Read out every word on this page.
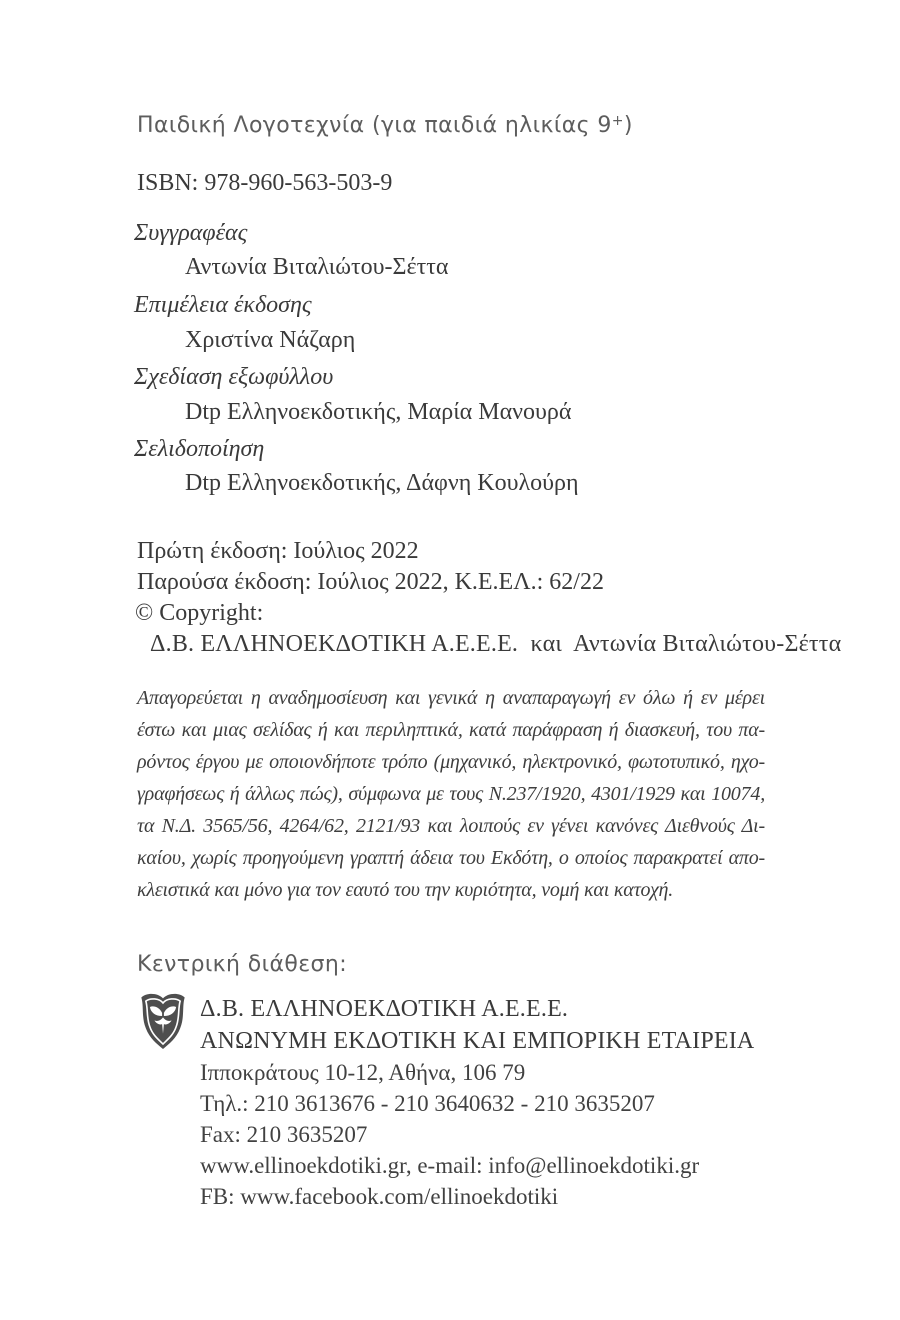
Παιδική Λογοτεχνία (για παιδιά ηλικίας 9+)
ISBN: 978-960-563-503-9
Συγγραφέας
Αντωνία Βιταλιώτου-Σέττα
Επιμέλεια έκδοσης
Χριστίνα Νάζαρη
Σχεδίαση εξωφύλλου
Dtp Ελληνοεκδοτικής, Μαρία Μανουρά
Σελιδοποίηση
Dtp Ελληνοεκδοτικής, Δάφνη Κουλούρη
Πρώτη έκδοση: Ιούλιος 2022
Παρούσα έκδοση: Ιούλιος 2022, Κ.Ε.ΕΛ.: 62/22
© Copyright:
Δ.Β. ΕΛΛΗΝΟΕΚΔΟΤΙΚΗ Α.Ε.Ε.Ε.  και  Αντωνία Βιταλιώτου-Σέττα
Απαγορεύεται η αναδημοσίευση και γενικά η αναπαραγωγή εν όλω ή εν μέρει
έστω και μιας σελίδας ή και περιληπτικά, κατά παράφραση ή διασκευή, του πα-
ρόντος έργου με οποιονδήποτε τρόπο (μηχανικό, ηλεκτρονικό, φωτοτυπικό, ηχο-
γραφήσεως ή άλλως πώς), σύμφωνα με τους Ν.237/1920, 4301/1929 και 10074,
τα Ν.Δ. 3565/56, 4264/62, 2121/93 και λοιπούς εν γένει κανόνες Διεθνούς Δι-
καίου, χωρίς προηγούμενη γραπτή άδεια του Εκδότη, ο οποίος παρακρατεί απο-
κλειστικά και μόνο για τον εαυτό του την κυριότητα, νομή και κατοχή.
Κεντρική διάθεση:
Δ.Β. ΕΛΛΗΝΟΕΚΔΟΤΙΚΗ Α.Ε.Ε.Ε.
ΑΝΩΝΥΜΗ ΕΚΔΟΤΙΚΗ ΚΑΙ ΕΜΠΟΡΙΚΗ ΕΤΑΙΡΕΙΑ
Ιπποκράτους 10-12, Αθήνα, 106 79
Τηλ.: 210 3613676 - 210 3640632 - 210 3635207
Fax: 210 3635207
www.ellinoekdotiki.gr, e-mail: info@ellinoekdotiki.gr
FB: www.facebook.com/ellinoekdotiki
